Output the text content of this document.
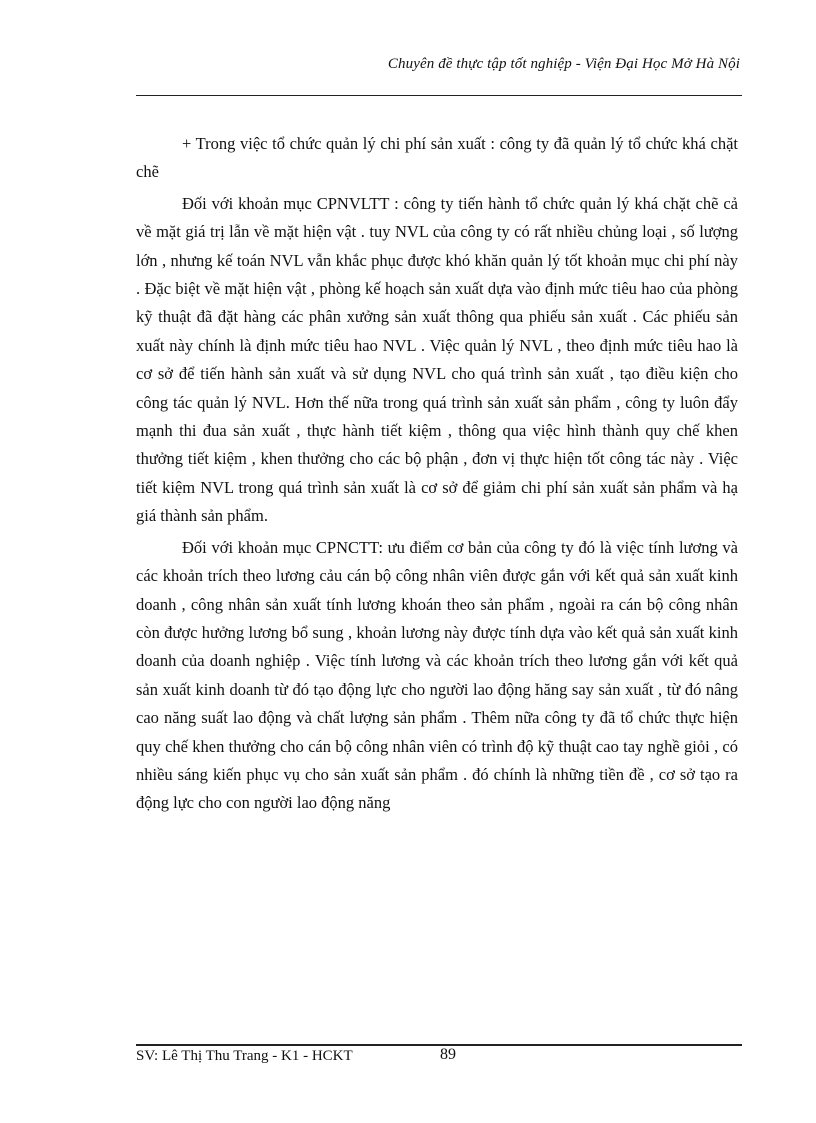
Chuyên đề thực tập tốt nghiệp - Viện Đại Học Mở Hà Nội

+ Trong việc tổ chức quản lý chi phí sản xuất : công ty đã quản lý tổ chức khá chặt chẽ

Đối với khoản mục CPNVLTT : công ty tiến hành tổ chức quản lý khá chặt chẽ cả về mặt giá trị lẫn về mặt hiện vật . tuy NVL của công ty có rất nhiều chủng loại , số lượng lớn , nhưng kế toán NVL vẫn khắc phục được khó khăn quản lý tốt khoản mục chi phí này . Đặc biệt về mặt hiện vật , phòng kế hoạch sản xuất dựa vào định mức tiêu hao của phòng kỹ thuật đã đặt hàng các phân xưởng sản xuất thông qua phiếu sản xuất . Các phiếu sản xuất này chính là định mức tiêu hao NVL . Việc quản lý NVL , theo định mức tiêu hao là cơ sở để tiến hành sản xuất và sử dụng NVL cho quá trình sản xuất , tạo điều kiện cho công tác quản lý NVL. Hơn thế nữa trong quá trình sản xuất sản phẩm , công ty luôn đẩy mạnh thi đua sản xuất , thực hành tiết kiệm , thông qua việc hình thành quy chế khen thưởng tiết kiệm , khen thưởng cho các bộ phận , đơn vị thực hiện tốt công tác này . Việc tiết kiệm NVL trong quá trình sản xuất là cơ sở để giảm chi phí sản xuất sản phẩm và hạ giá thành sản phẩm.

Đối với khoản mục CPNCTT: ưu điểm cơ bản của công ty đó là việc tính lương và các khoản trích theo lương cảu cán bộ công nhân viên được gắn với kết quả sản xuất kinh doanh , công nhân sản xuất tính lương khoán theo sản phẩm , ngoài ra cán bộ công nhân còn được hưởng lương bổ sung , khoản lương này được tính dựa vào kết quả sản xuất kinh doanh của doanh nghiệp . Việc tính lương và các khoản trích theo lương gắn với kết quả sản xuất kinh doanh từ đó tạo động lực cho người lao động hăng say sản xuất , từ đó nâng cao năng suất lao động và chất lượng sản phẩm . Thêm nữa công ty đã tổ chức thực hiện quy chế khen thưởng cho cán bộ công nhân viên có trình độ kỹ thuật cao tay nghề giỏi , có nhiều sáng kiến phục vụ cho sản xuất sản phẩm . đó chính là những tiền đề , cơ sở tạo ra động lực cho con người lao động năng

SV: Lê Thị Thu Trang - K1 - HCKT	89
